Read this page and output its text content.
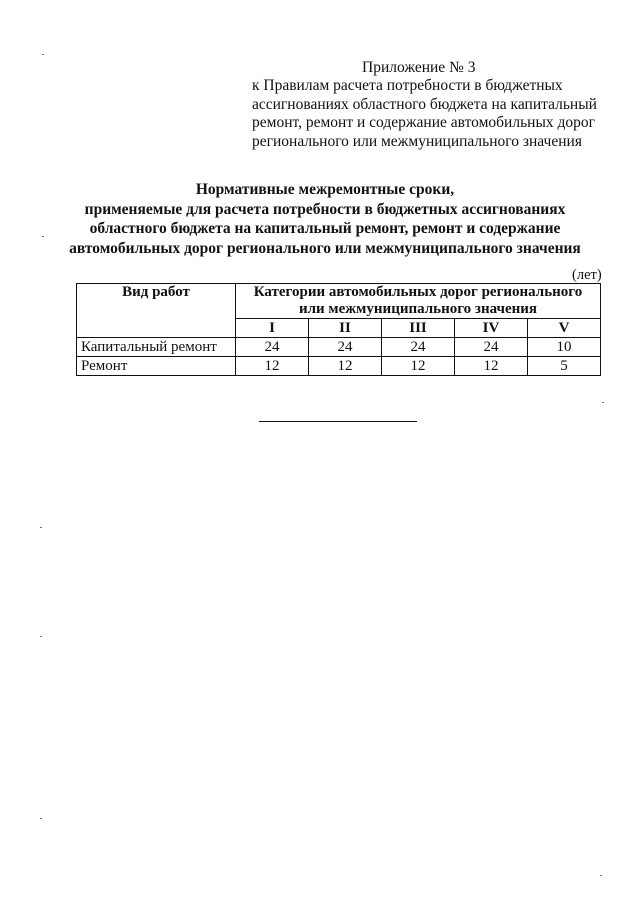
Приложение № 3
к Правилам расчета потребности в бюджетных
ассигнованиях областного бюджета на капитальный
ремонт, ремонт и содержание автомобильных дорог
регионального или межмуниципального значения
Нормативные межремонтные сроки,
применяемые для расчета потребности в бюджетных ассигнованиях
областного бюджета на капитальный ремонт, ремонт и содержание
автомобильных дорог регионального или межмуниципального значения
(лет)
Вид работ	Категории автомобильных дорог регионального или межмуниципального значения				
	I	II	III	IV	V
Капитальный ремонт	24	24	24	24	10
Ремонт	12	12	12	12	5
